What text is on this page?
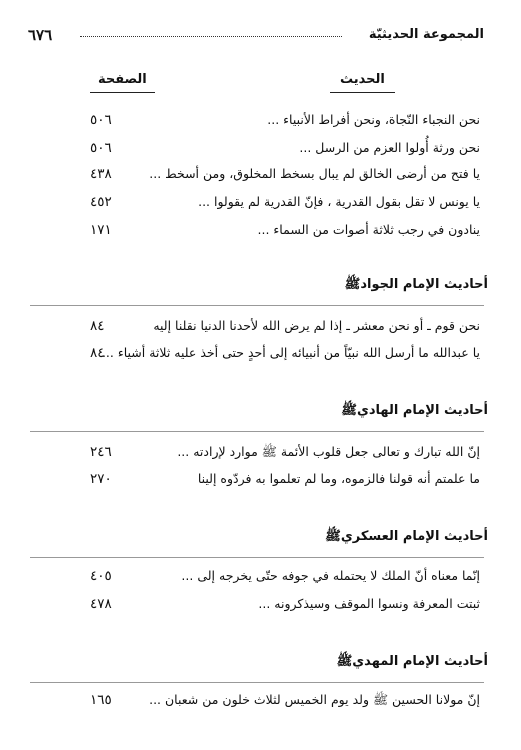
٦٧٦	المجموعة الحديثيّة
الحديث
الصفحة
نحن النجباء النّجاة، ونحن أفراط الأنبياء ...
٥٠٦
نحن ورثة أُولوا العزم من الرسل ...
٥٠٦
يا فتح من أرضى الخالق لم يبال بسخط المخلوق، ومن أسخط ...
٤٣٨
يا يونس لا تقل بقول القدرية ، فإنّ القدرية لم يقولوا ...
٤٥٢
ينادون في رجب ثلاثة أصوات من السماء ...
١٧١
أحاديث الإمام الجوادﷺ
نحن قوم ـ أو نحن معشر ـ إذا لم يرض الله لأحدنا الدنيا نقلنا إليه
٨٤
يا عبدالله ما أرسل الله نبيّاً من أنبيائه إلى أحدٍ حتى أخذ عليه ثلاثة أشياء ...
٨٤
أحاديث الإمام الهاديﷺ
إنّ الله تبارك و تعالى جعل قلوب الأئمة ﷺ موارد لإرادته ...
٢٤٦
ما علمتم أنه قولنا فالزموه، وما لم تعلموا به فردّوه إلينا
٢٧٠
أحاديث الإمام العسكريﷺ
إنّما معناه أنّ الملك لا يحتمله في جوفه حتّى يخرجه إلى ...
٤٠٥
ثبتت المعرفة ونسوا الموقف وسيذكرونه ...
٤٧٨
أحاديث الإمام المهديﷺ
إنّ مولانا الحسين ﷺ ولد يوم الخميس لثلاث خلون من شعبان ...
١٦٥
